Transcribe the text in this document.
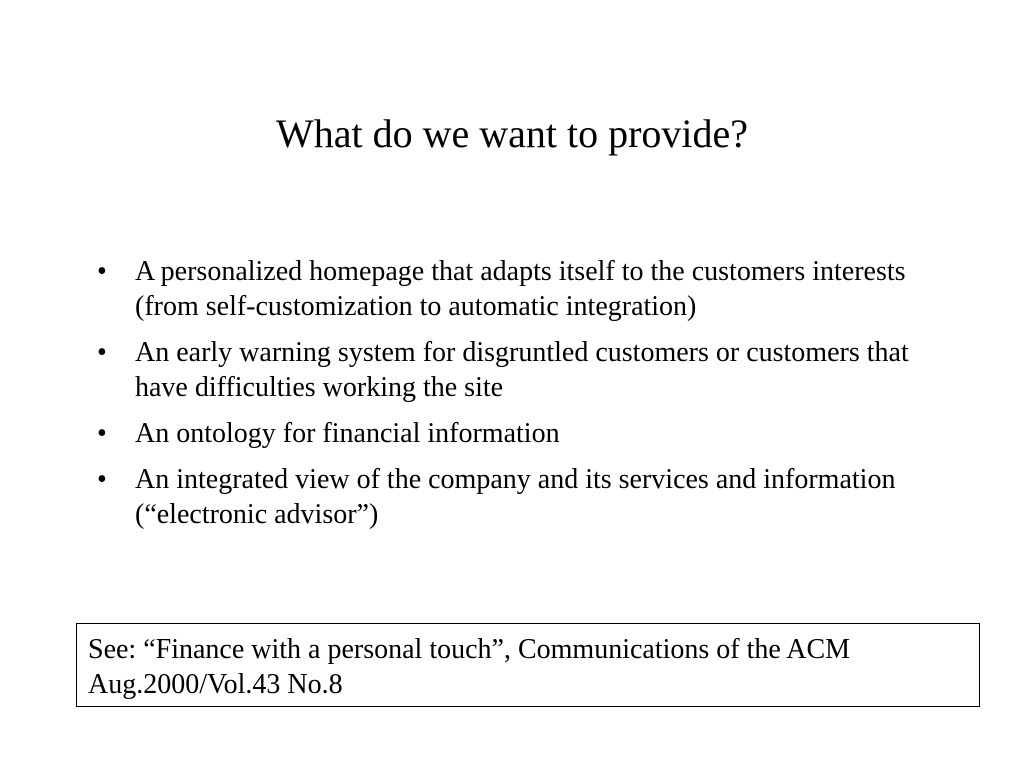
What do we want to provide?
•	A personalized homepage that adapts itself to the customers interests (from self-customization to automatic integration)
•	An early warning system for disgruntled customers or customers that have difficulties working the site
•	An ontology for financial information
•	An integrated view of the company and its services and information (“electronic advisor”)
See: “Finance with a personal touch”, Communications of the ACM Aug.2000/Vol.43 No.8
